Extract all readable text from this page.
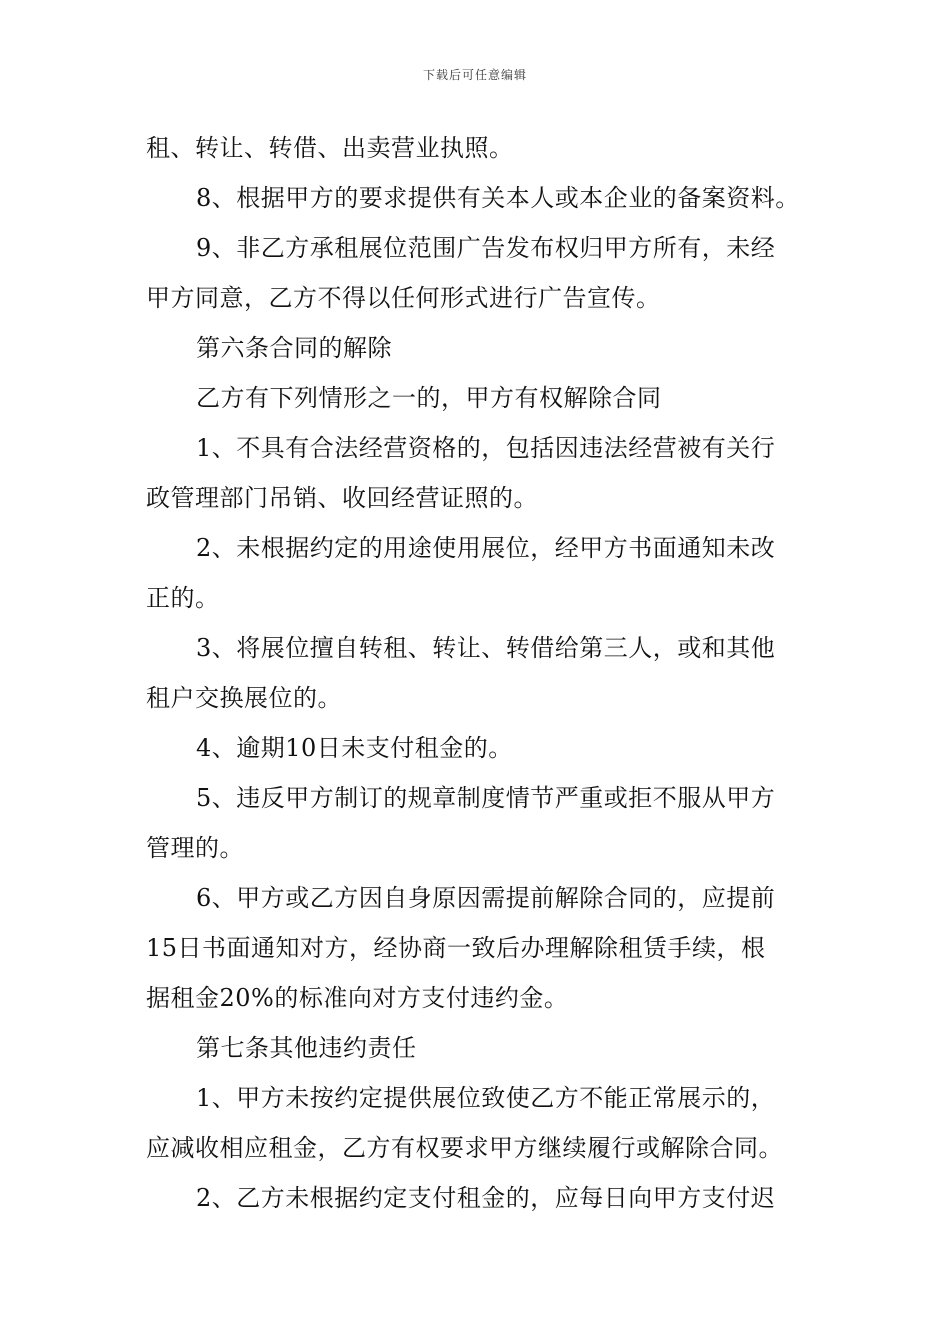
下载后可任意编辑
租、转让、转借、出卖营业执照。
8、根据甲方的要求提供有关本人或本企业的备案资料。
9、非乙方承租展位范围广告发布权归甲方所有，未经
甲方同意，乙方不得以任何形式进行广告宣传。
第六条合同的解除
乙方有下列情形之一的，甲方有权解除合同
1、不具有合法经营资格的，包括因违法经营被有关行
政管理部门吊销、收回经营证照的。
2、未根据约定的用途使用展位，经甲方书面通知未改
正的。
3、将展位擅自转租、转让、转借给第三人，或和其他
租户交换展位的。
4、逾期10日未支付租金的。
5、违反甲方制订的规章制度情节严重或拒不服从甲方
管理的。
6、甲方或乙方因自身原因需提前解除合同的，应提前
15日书面通知对方，经协商一致后办理解除租赁手续，根
据租金20%的标准向对方支付违约金。
第七条其他违约责任
1、甲方未按约定提供展位致使乙方不能正常展示的，
应减收相应租金，乙方有权要求甲方继续履行或解除合同。
2、乙方未根据约定支付租金的，应每日向甲方支付迟
